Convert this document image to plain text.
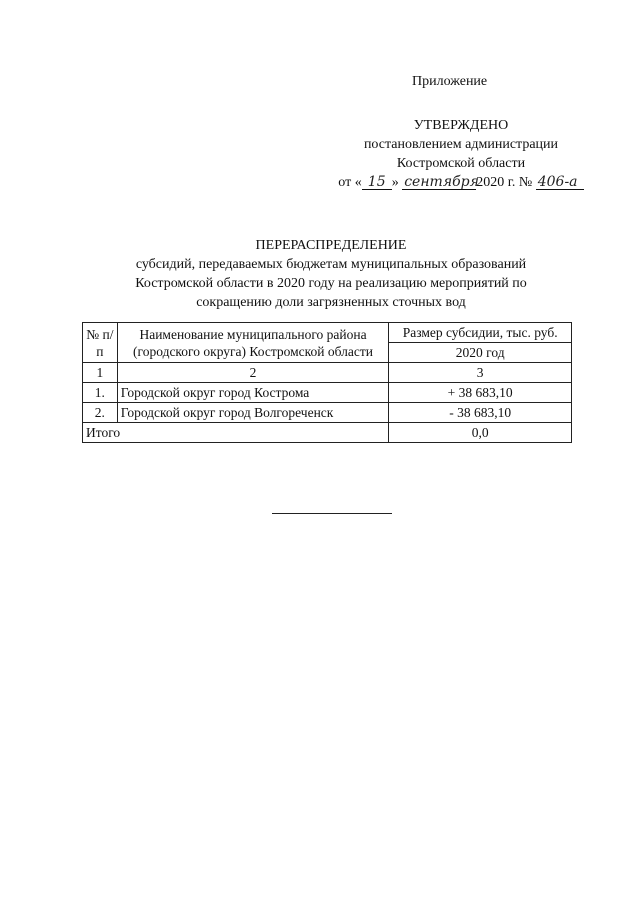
Приложение
УТВЕРЖДЕНО
постановлением администрации
Костромской области
от « 15 » сентября2020 г. № 406-а
ПЕРЕРАСПРЕДЕЛЕНИЕ
субсидий, передаваемых бюджетам муниципальных образований
Костромской области в 2020 году на реализацию мероприятий по
сокращению доли загрязненных сточных вод
№ п/п	Наименование муниципального района (городского округа) Костромской области	Размер субсидии, тыс. руб.
		2020 год
1	2	3
1.	Городской округ город Кострома	+ 38 683,10
2.	Городской округ город Волгореченск	- 38 683,10
Итого		0,0
